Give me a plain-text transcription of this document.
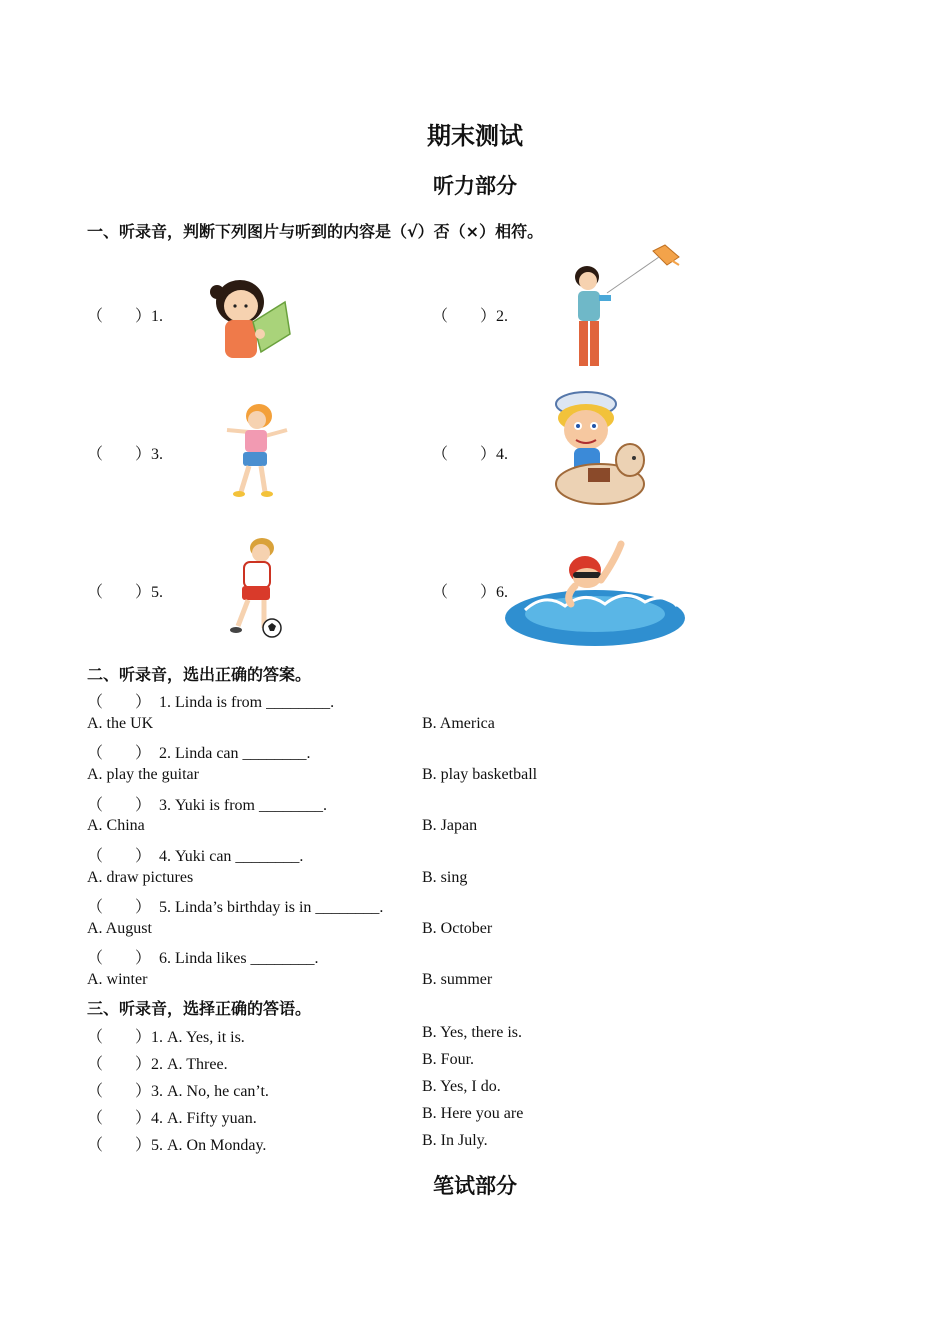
期末测试
听力部分
一、听录音，判断下列图片与听到的内容是（√）否（×）相符。
（　　）1.	（　　）2.
（　　）3.	（　　）4.
（　　）5.	（　　）6.
二、听录音，选出正确的答案。
（　　）  1. Linda is from ________.
A. the UK	B. America
（　　）  2. Linda can ________.
A. play the guitar	B. play basketball
（　　）  3. Yuki is from ________.
A. China	B. Japan
（　　）  4. Yuki can ________.
A. draw pictures	B. sing
（　　）  5. Linda’s birthday is in ________.
A. August	B. October
（　　）  6. Linda likes ________.
A. winter	B. summer
三、听录音，选择正确的答语。
（　　）1. A. Yes, it is.	B. Yes, there is.
（　　）2. A. Three.	B. Four.
（　　）3. A. No, he can’t.	B. Yes, I do.
（　　）4. A. Fifty yuan.	B. Here you are
（　　）5. A. On Monday.	B. In July.
笔试部分
